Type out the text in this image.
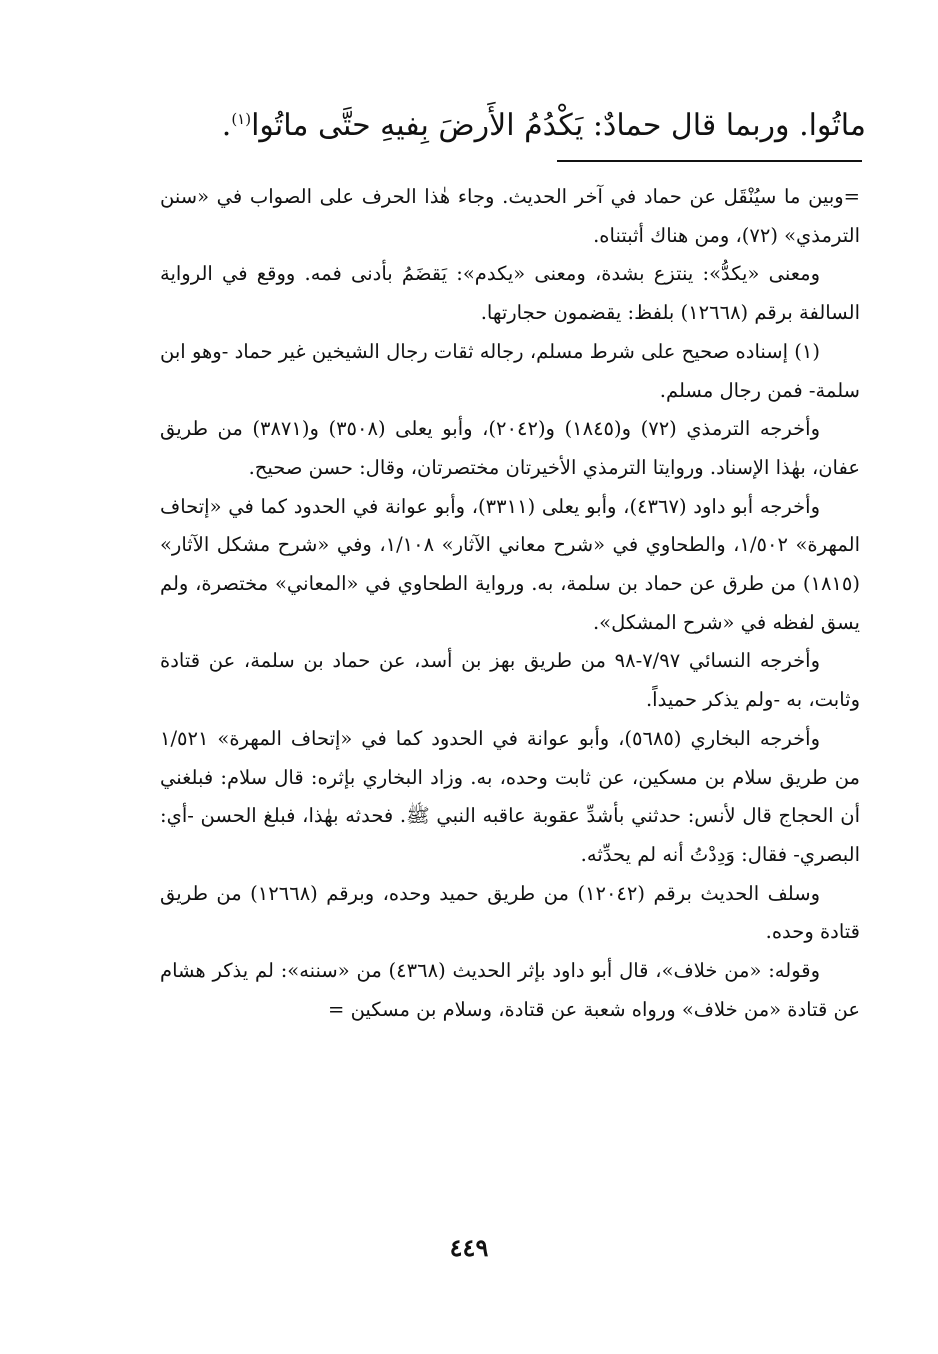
ماتُوا. وربما قال حمادٌ: يَكْدُمُ الأَرضَ بِفيهِ حتَّى ماتُوا$^{(١)}$.

=وبين ما سيُنْقَل عن حماد في آخر الحديث. وجاء هٰذا الحرف على الصواب في «سنن الترمذي» (٧٢)، ومن هناك أثبتناه.

ومعنى «يكدُّ»: ينتزع بشدة، ومعنى «يكدم»: يَقضَمُ بأدنى فمه. ووقع في الرواية السالفة برقم (١٢٦٦٨) بلفظ: يقضمون حجارتها.

(١) إسناده صحيح على شرط مسلم، رجاله ثقات رجال الشيخين غير حماد -وهو ابن سلمة- فمن رجال مسلم.

وأخرجه الترمذي (٧٢) و(١٨٤٥) و(٢٠٤٢)، وأبو يعلى (٣٥٠٨) و(٣٨٧١) من طريق عفان، بهٰذا الإسناد. وروايتا الترمذي الأخيرتان مختصرتان، وقال: حسن صحيح.

وأخرجه أبو داود (٤٣٦٧)، وأبو يعلى (٣٣١١)، وأبو عوانة في الحدود كما في «إتحاف المهرة» ١/٥٠٢، والطحاوي في «شرح معاني الآثار» ١/١٠٨، وفي «شرح مشكل الآثار» (١٨١٥) من طرق عن حماد بن سلمة، به. ورواية الطحاوي في «المعاني» مختصرة، ولم يسق لفظه في «شرح المشكل».

وأخرجه النسائي ٧/٩٧-٩٨ من طريق بهز بن أسد، عن حماد بن سلمة، عن قتادة وثابت، به -ولم يذكر حميداً.

وأخرجه البخاري (٥٦٨٥)، وأبو عوانة في الحدود كما في «إتحاف المهرة» ١/٥٢١ من طريق سلام بن مسكين، عن ثابت وحده، به. وزاد البخاري بإثره: قال سلام: فبلغني أن الحجاج قال لأنس: حدثني بأشدِّ عقوبة عاقبه النبي ﷺ. فحدثه بهٰذا، فبلغ الحسن -أي: البصري- فقال: وَدِدْتُ أنه لم يحدِّثه.

وسلف الحديث برقم (١٢٠٤٢) من طريق حميد وحده، وبرقم (١٢٦٦٨) من طريق قتادة وحده.

وقوله: «من خلاف»، قال أبو داود بإثر الحديث (٤٣٦٨) من «سننه»: لم يذكر هشام عن قتادة «من خلاف» ورواه شعبة عن قتادة، وسلام بن مسكين =

٤٤٩
